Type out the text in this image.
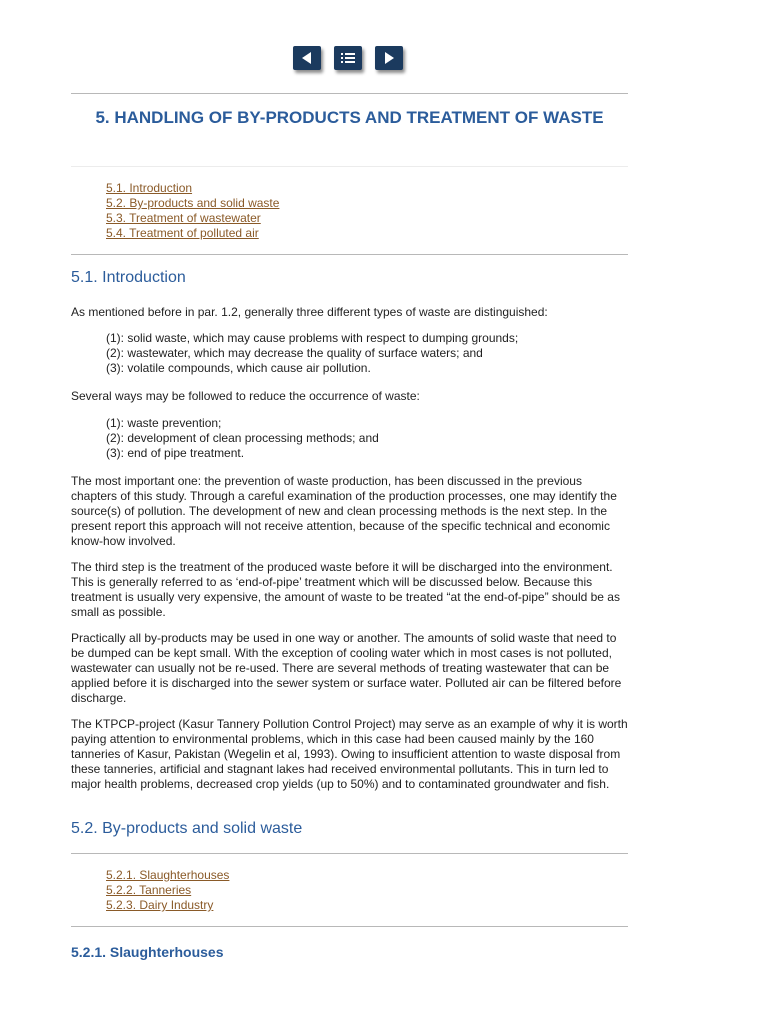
5. HANDLING OF BY-PRODUCTS AND TREATMENT OF WASTE
5.1. Introduction
5.2. By-products and solid waste
5.3. Treatment of wastewater
5.4. Treatment of polluted air
5.1. Introduction

As mentioned before in par. 1.2, generally three different types of waste are distinguished:

(1): solid waste, which may cause problems with respect to dumping grounds;
(2): wastewater, which may decrease the quality of surface waters; and
(3): volatile compounds, which cause air pollution.

Several ways may be followed to reduce the occurrence of waste:

(1): waste prevention;
(2): development of clean processing methods; and
(3): end of pipe treatment.

The most important one: the prevention of waste production, has been discussed in the previous chapters of this study. Through a careful examination of the production processes, one may identify the source(s) of pollution. The development of new and clean processing methods is the next step. In the present report this approach will not receive attention, because of the specific technical and economic know-how involved.

The third step is the treatment of the produced waste before it will be discharged into the environment. This is generally referred to as ‘end-of-pipe’ treatment which will be discussed below. Because this treatment is usually very expensive, the amount of waste to be treated “at the end-of-pipe” should be as small as possible.

Practically all by-products may be used in one way or another. The amounts of solid waste that need to be dumped can be kept small. With the exception of cooling water which in most cases is not polluted, wastewater can usually not be re-used. There are several methods of treating wastewater that can be applied before it is discharged into the sewer system or surface water. Polluted air can be filtered before discharge.

The KTPCP-project (Kasur Tannery Pollution Control Project) may serve as an example of why it is worth paying attention to environmental problems, which in this case had been caused mainly by the 160 tanneries of Kasur, Pakistan (Wegelin et al, 1993). Owing to insufficient attention to waste disposal from these tanneries, artificial and stagnant lakes had received environmental pollutants. This in turn led to major health problems, decreased crop yields (up to 50%) and to contaminated groundwater and fish.

5.2. By-products and solid waste
5.2.1. Slaughterhouses
5.2.2. Tanneries
5.2.3. Dairy Industry
5.2.1. Slaughterhouses
